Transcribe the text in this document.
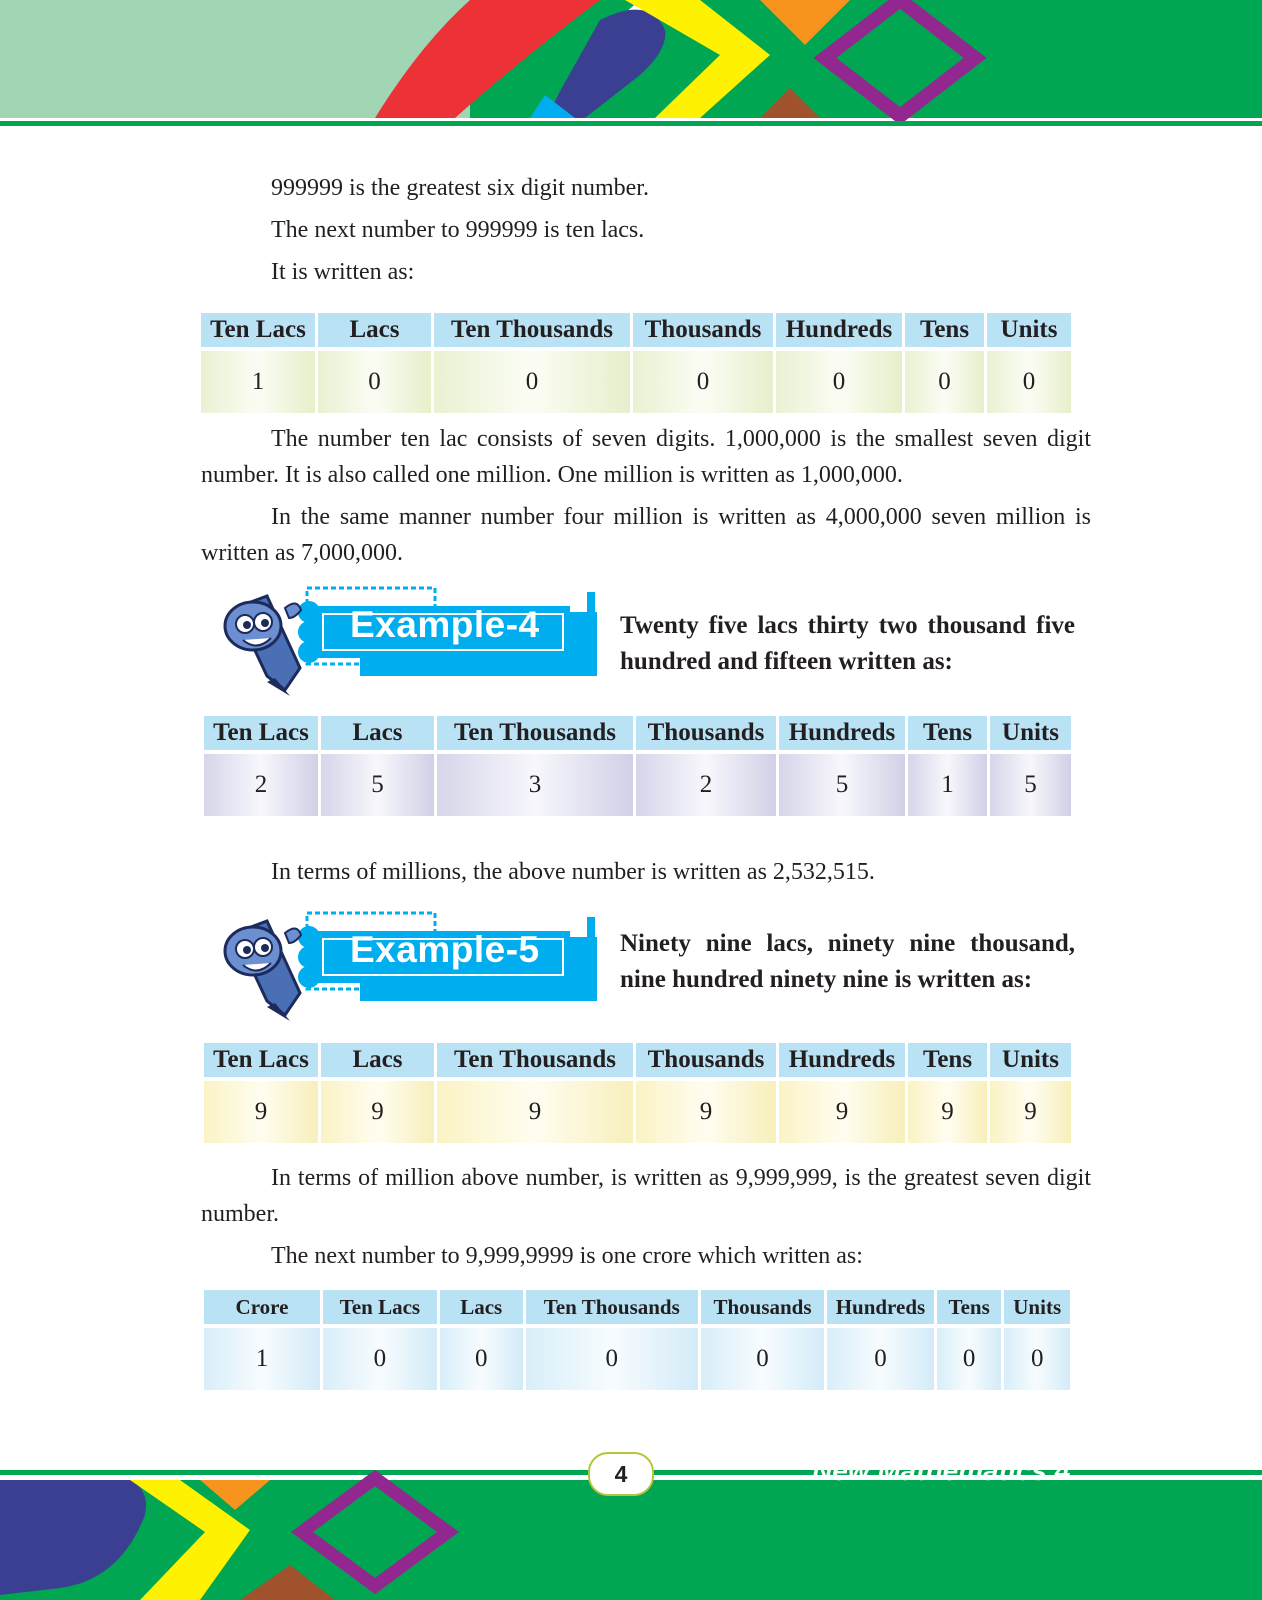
999999 is the greatest six digit number.

The next number to 999999 is ten lacs.

It is written as:

Ten Lacs	Lacs	Ten Thousands	Thousands	Hundreds	Tens	Units

1	0	0	0	0	0	0

The number ten lac consists of seven digits. 1,000,000 is the smallest seven digit number. It is also called one million. One million is written as 1,000,000.

In the same manner number four million is written as 4,000,000 seven million is written as 7,000,000.

Example-4	Twenty five lacs thirty two thousand five hundred and fifteen written as:
Ten Lacs	Lacs	Ten Thousands	Thousands	Hundreds	Tens	Units

2	5	3	2	5	1	5

In terms of millions, the above number is written as 2,532,515.

Example-5	Ninety nine lacs, ninety nine thousand, nine hundred ninety nine is written as:
Ten Lacs	Lacs	Ten Thousands	Thousands	Hundreds	Tens	Units

9	9	9	9	9	9	9

In terms of million above number, is written as 9,999,999, is the greatest seven digit number.

The next number to 9,999,9999 is one crore which written as:

Crore	Ten Lacs	Lacs	Ten Thousands	Thousands	Hundreds	Tens	Units

1	0	0	0	0	0	0	0
4	New Mathematics 4
